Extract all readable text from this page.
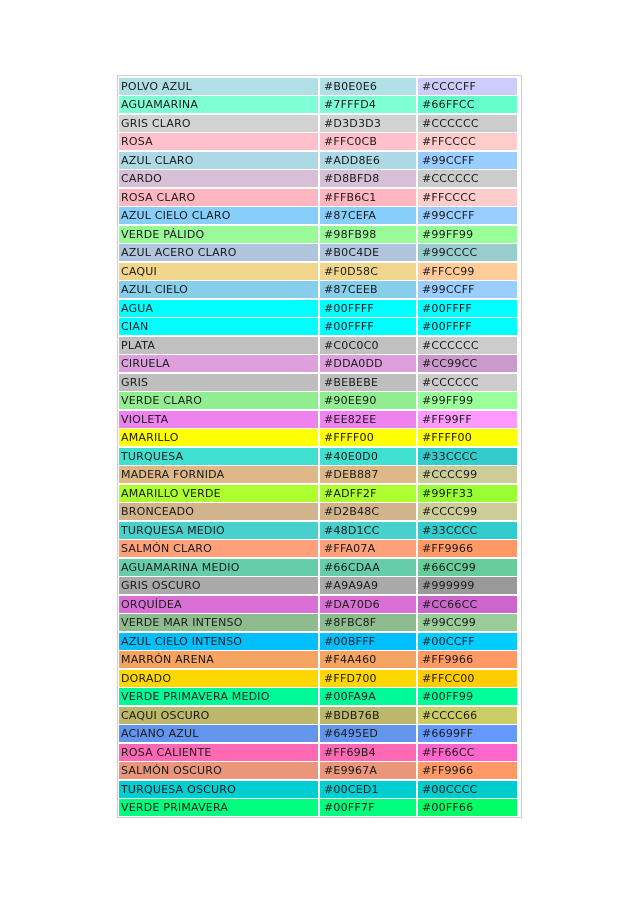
POLVO AZUL	#B0E0E6	#CCCCFF
AGUAMARINA	#7FFFD4	#66FFCC
GRIS CLARO	#D3D3D3	#CCCCCC
ROSA	#FFC0CB	#FFCCCC
AZUL CLARO	#ADD8E6	#99CCFF
CARDO	#D8BFD8	#CCCCCC
ROSA CLARO	#FFB6C1	#FFCCCC
AZUL CIELO CLARO	#87CEFA	#99CCFF
VERDE PÁLIDO	#98FB98	#99FF99
AZUL ACERO CLARO	#B0C4DE	#99CCCC
CAQUI	#F0D58C	#FFCC99
AZUL CIELO	#87CEEB	#99CCFF
AGUA	#00FFFF	#00FFFF
CIAN	#00FFFF	#00FFFF
PLATA	#C0C0C0	#CCCCCC
CIRUELA	#DDA0DD	#CC99CC
GRIS	#BEBEBE	#CCCCCC
VERDE CLARO	#90EE90	#99FF99
VIOLETA	#EE82EE	#FF99FF
AMARILLO	#FFFF00	#FFFF00
TURQUESA	#40E0D0	#33CCCC
MADERA FORNIDA	#DEB887	#CCCC99
AMARILLO VERDE	#ADFF2F	#99FF33
BRONCEADO	#D2B48C	#CCCC99
TURQUESA MEDIO	#48D1CC	#33CCCC
SALMÓN CLARO	#FFA07A	#FF9966
AGUAMARINA MEDIO	#66CDAA	#66CC99
GRIS OSCURO	#A9A9A9	#999999
ORQUÍDEA	#DA70D6	#CC66CC
VERDE MAR INTENSO	#8FBC8F	#99CC99
AZUL CIELO INTENSO	#00BFFF	#00CCFF
MARRÓN ARENA	#F4A460	#FF9966
DORADO	#FFD700	#FFCC00
VERDE PRIMAVERA MEDIO	#00FA9A	#00FF99
CAQUI OSCURO	#BDB76B	#CCCC66
ACIANO AZUL	#6495ED	#6699FF
ROSA CALIENTE	#FF69B4	#FF66CC
SALMÓN OSCURO	#E9967A	#FF9966
TURQUESA OSCURO	#00CED1	#00CCCC
VERDE PRIMAVERA	#00FF7F	#00FF66
